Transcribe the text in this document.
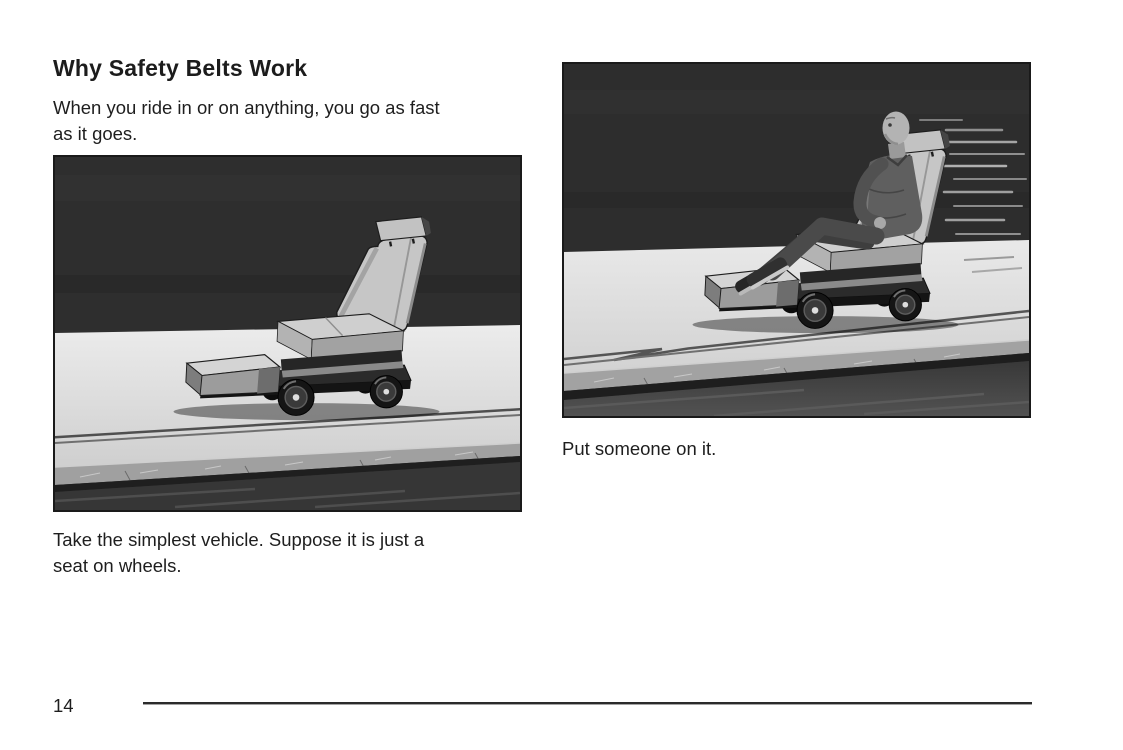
Why Safety Belts Work

When you ride in or on anything, you go as fast
as it goes.

Take the simplest vehicle. Suppose it is just a
seat on wheels.

Put someone on it.

14
